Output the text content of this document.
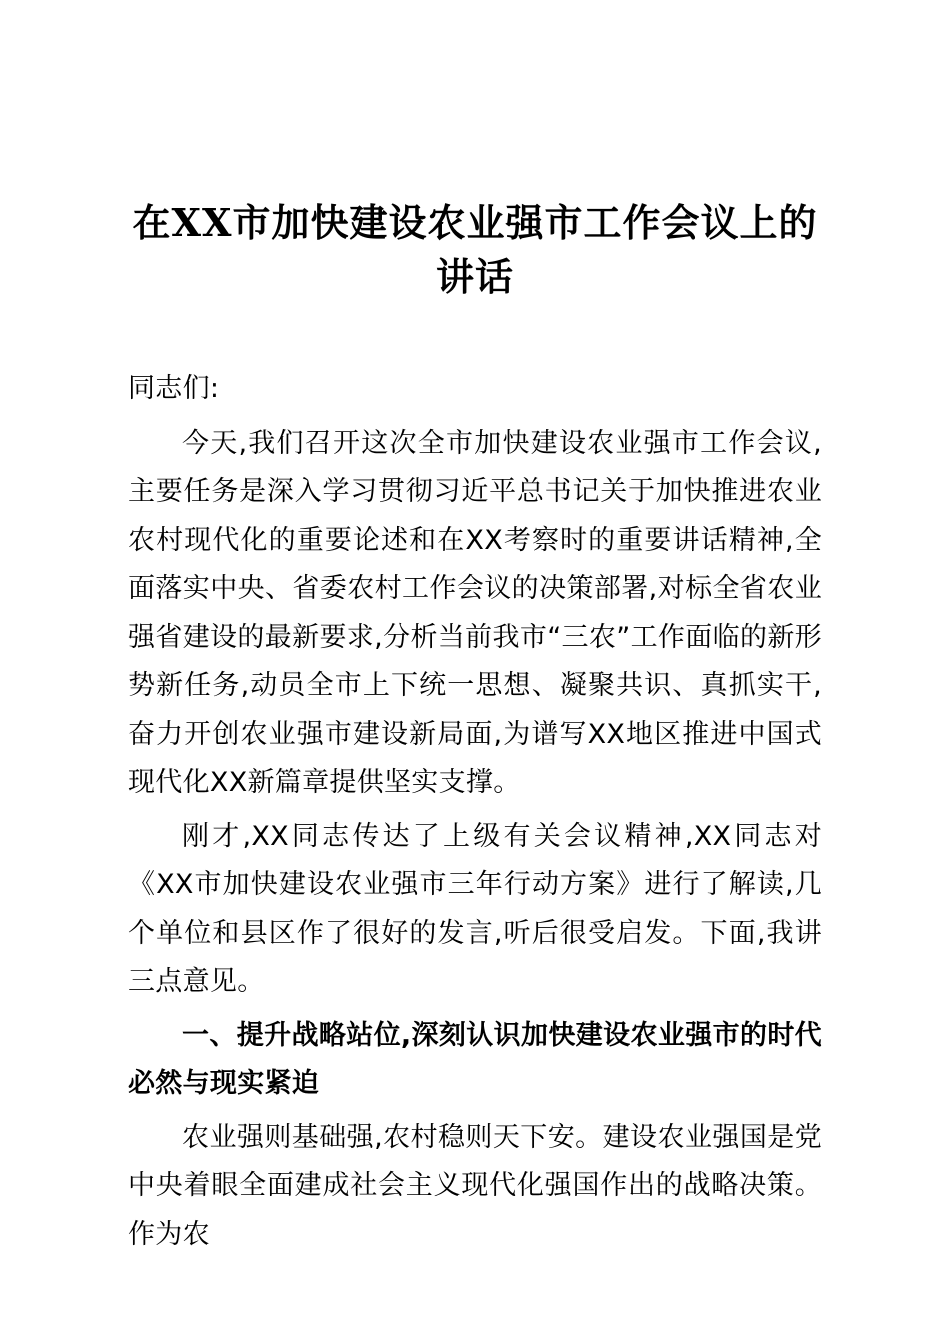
在XX市加快建设农业强市工作会议上的讲话

同志们:

今天,我们召开这次全市加快建设农业强市工作会议,主要任务是深入学习贯彻习近平总书记关于加快推进农业农村现代化的重要论述和在XX考察时的重要讲话精神,全面落实中央、省委农村工作会议的决策部署,对标全省农业强省建设的最新要求,分析当前我市“三农”工作面临的新形势新任务,动员全市上下统一思想、凝聚共识、真抓实干,奋力开创农业强市建设新局面,为谱写XX地区推进中国式现代化XX新篇章提供坚实支撑。

刚才,XX同志传达了上级有关会议精神,XX同志对《XX市加快建设农业强市三年行动方案》进行了解读,几个单位和县区作了很好的发言,听后很受启发。下面,我讲三点意见。

一、提升战略站位,深刻认识加快建设农业强市的时代必然与现实紧迫

农业强则基础强,农村稳则天下安。建设农业强国是党中央着眼全面建成社会主义现代化强国作出的战略决策。作为农
